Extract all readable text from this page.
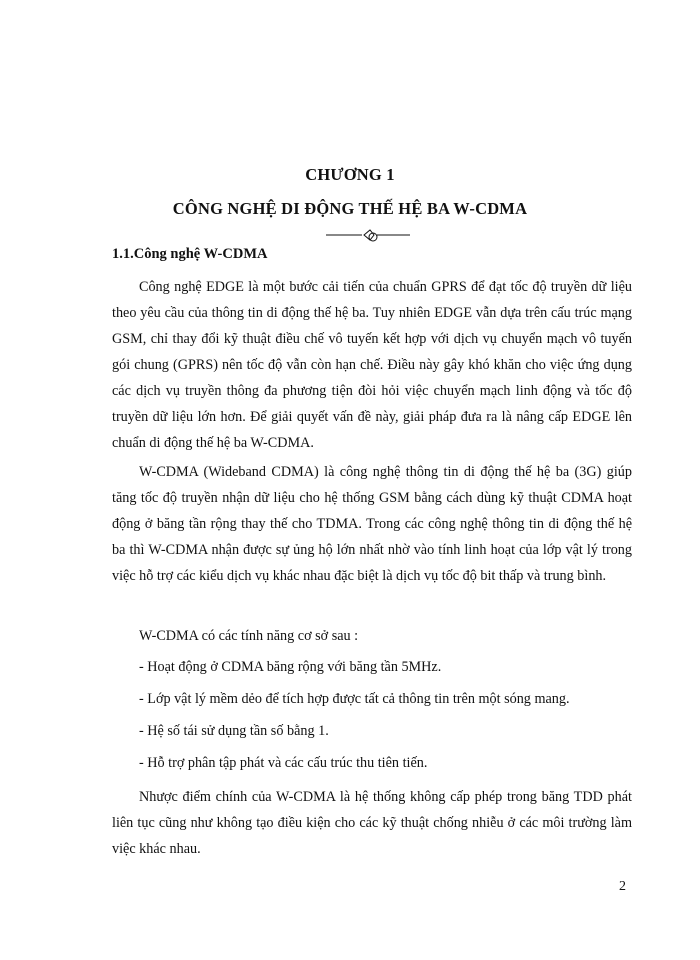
CHƯƠNG 1
CÔNG NGHỆ DI ĐỘNG THẾ HỆ BA W-CDMA
1.1.Công nghệ W-CDMA

Công nghệ EDGE là một bước cải tiến của chuẩn GPRS để đạt tốc độ truyền dữ liệu theo yêu cầu của thông tin di động thế hệ ba. Tuy nhiên EDGE vẫn dựa trên cấu trúc mạng GSM, chỉ thay đổi kỹ thuật điều chế vô tuyến kết hợp với dịch vụ chuyển mạch vô tuyến gói chung (GPRS) nên tốc độ vẫn còn hạn chế. Điều này gây khó khăn cho việc ứng dụng các dịch vụ truyền thông đa phương tiện đòi hỏi việc chuyển mạch linh động và tốc độ truyền dữ liệu lớn hơn. Để giải quyết vấn đề này, giải pháp đưa ra là nâng cấp EDGE lên chuẩn di động thế hệ ba W-CDMA.

W-CDMA (Wideband CDMA) là công nghệ thông tin di động thế hệ ba (3G) giúp tăng tốc độ truyền nhận dữ liệu cho hệ thống GSM bằng cách dùng kỹ thuật CDMA hoạt động ở băng tần rộng thay thế cho TDMA. Trong các công nghệ thông tin di động thế hệ ba thì W-CDMA nhận được sự ủng hộ lớn nhất nhờ vào tính linh hoạt của lớp vật lý trong việc hỗ trợ các kiểu dịch vụ khác nhau đặc biệt là dịch vụ tốc độ bit thấp và trung bình.

W-CDMA có các tính năng cơ sở sau :

- Hoạt động ở CDMA băng rộng với băng tần 5MHz.
- Lớp vật lý mềm dẻo để tích hợp được tất cả thông tin trên một sóng mang.
- Hệ số tái sử dụng tần số bằng 1.
- Hỗ trợ phân tập phát và các cấu trúc thu tiên tiến.

Nhược điểm chính của W-CDMA là hệ thống không cấp phép trong băng TDD phát liên tục cũng như không tạo điều kiện cho các kỹ thuật chống nhiễu ở các môi trường làm việc khác nhau.

2
